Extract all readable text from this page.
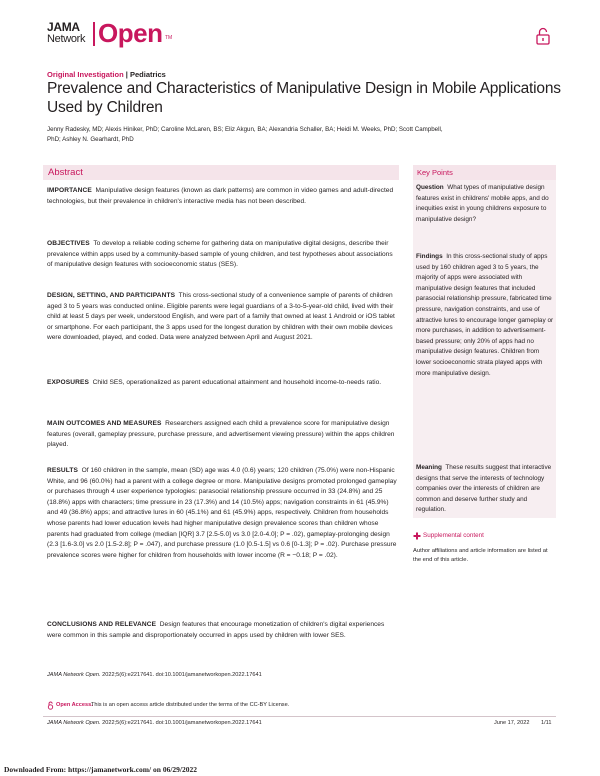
JAMA
Network Open TM
Original Investigation | Pediatrics
Prevalence and Characteristics of Manipulative Design in Mobile Applications Used by Children
Jenny Radesky, MD; Alexis Hiniker, PhD; Caroline McLaren, BS; Eliz Akgun, BA; Alexandria Schaller, BA; Heidi M. Weeks, PhD; Scott Campbell, PhD; Ashley N. Gearhardt, PhD
Abstract	Key Points
IMPORTANCE Manipulative design features (known as dark patterns) are common in video games and adult-directed technologies, but their prevalence in children's interactive media has not been described.
OBJECTIVES To develop a reliable coding scheme for gathering data on manipulative digital designs, describe their prevalence within apps used by a community-based sample of young children, and test hypotheses about associations of manipulative design features with socioeconomic status (SES).
DESIGN, SETTING, AND PARTICIPANTS This cross-sectional study of a convenience sample of parents of children aged 3 to 5 years was conducted online. Eligible parents were legal guardians of a 3-to-5-year-old child, lived with their child at least 5 days per week, understood English, and were part of a family that owned at least 1 Android or iOS tablet or smartphone. For each participant, the 3 apps used for the longest duration by children with their own mobile devices were downloaded, played, and coded. Data were analyzed between April and August 2021.
EXPOSURES Child SES, operationalized as parent educational attainment and household income-to-needs ratio.
MAIN OUTCOMES AND MEASURES Researchers assigned each child a prevalence score for manipulative design features (overall, gameplay pressure, purchase pressure, and advertisement viewing pressure) within the apps children played.
RESULTS Of 160 children in the sample, mean (SD) age was 4.0 (0.6) years; 120 children (75.0%) were non-Hispanic White, and 96 (60.0%) had a parent with a college degree or more. Manipulative designs promoted prolonged gameplay or purchases through 4 user experience typologies: parasocial relationship pressure occurred in 33 (24.8%) and 25 (18.8%) apps with characters; time pressure in 23 (17.3%) and 14 (10.5%) apps; navigation constraints in 61 (45.9%) and 49 (36.8%) apps; and attractive lures in 60 (45.1%) and 61 (45.9%) apps, respectively. Children from households whose parents had lower education levels had higher manipulative design prevalence scores than children whose parents had graduated from college (median [IQR] 3.7 [2.5-5.0] vs 3.0 [2.0-4.0]; P = .02), gameplay-prolonging design (2.3 [1.6-3.0] vs 2.0 [1.5-2.8]; P = .047), and purchase pressure (1.0 [0.5-1.5] vs 0.6 [0-1.3]; P = .02). Purchase pressure prevalence scores were higher for children from households with lower income (R = −0.18; P = .02).
CONCLUSIONS AND RELEVANCE Design features that encourage monetization of children's digital experiences were common in this sample and disproportionately occurred in apps used by children with lower SES.
Question What types of manipulative design features exist in childrens' mobile apps, and do inequities exist in young childrens exposure to manipulative design?
Findings In this cross-sectional study of apps used by 160 children aged 3 to 5 years, the majority of apps were associated with manipulative design features that included parasocial relationship pressure, fabricated time pressure, navigation constraints, and use of attractive lures to encourage longer gameplay or more purchases, in addition to advertisement-based pressure; only 20% of apps had no manipulative design features. Children from lower socioeconomic strata played apps with more manipulative design.
Meaning These results suggest that interactive designs that serve the interests of technology companies over the interests of children are common and deserve further study and regulation.
Supplemental content
Author affiliations and article information are listed at the end of this article.
JAMA Network Open. 2022;5(6):e2217641. doi:10.1001/jamanetworkopen.2022.17641
Open Access.
This is an open access article distributed under the terms of the CC-BY License.
JAMA Network Open. 2022;5(6):e2217641. doi:10.1001/jamanetworkopen.2022.17641	June 17, 2022 1/11
Downloaded From: https://jamanetwork.com/ on 06/29/2022
